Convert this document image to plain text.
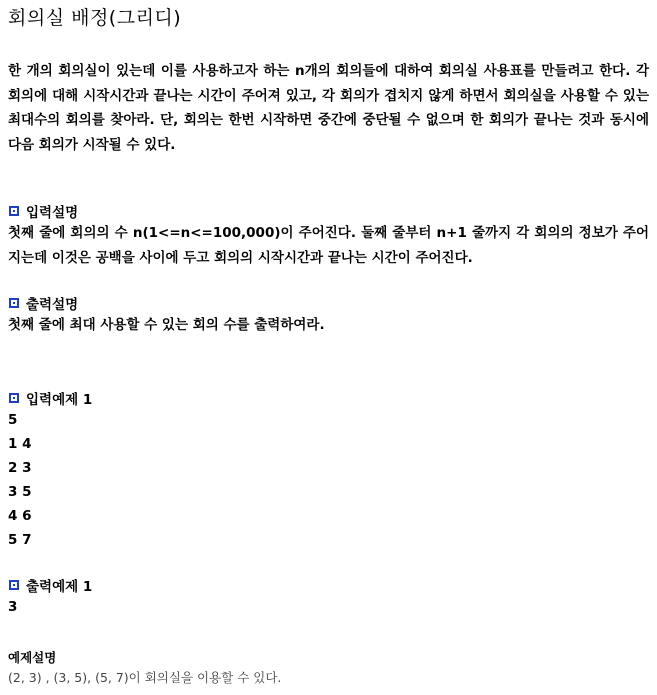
회의실 배정(그리디)
한 개의 회의실이 있는데 이를 사용하고자 하는 n개의 회의들에 대하여 회의실 사용표를 만들려고 한다. 각 회의에 대해 시작시간과 끝나는 시간이 주어져 있고, 각 회의가 겹치지 않게 하면서 회의실을 사용할 수 있는 최대수의 회의를 찾아라. 단, 회의는 한번 시작하면 중간에 중단될 수 없으며 한 회의가 끝나는 것과 동시에 다음 회의가 시작될 수 있다.
입력설명
첫째 줄에 회의의 수 n(1<=n<=100,000)이 주어진다. 둘째 줄부터 n+1 줄까지 각 회의의 정보가 주어지는데 이것은 공백을 사이에 두고 회의의 시작시간과 끝나는 시간이 주어진다.
출력설명
첫째 줄에 최대 사용할 수 있는 회의 수를 출력하여라.
입력예제 1
5
1 4
2 3
3 5
4 6
5 7
출력예제 1
3
예제설명
(2, 3) , (3, 5), (5, 7)이 회의실을 이용할 수 있다.
